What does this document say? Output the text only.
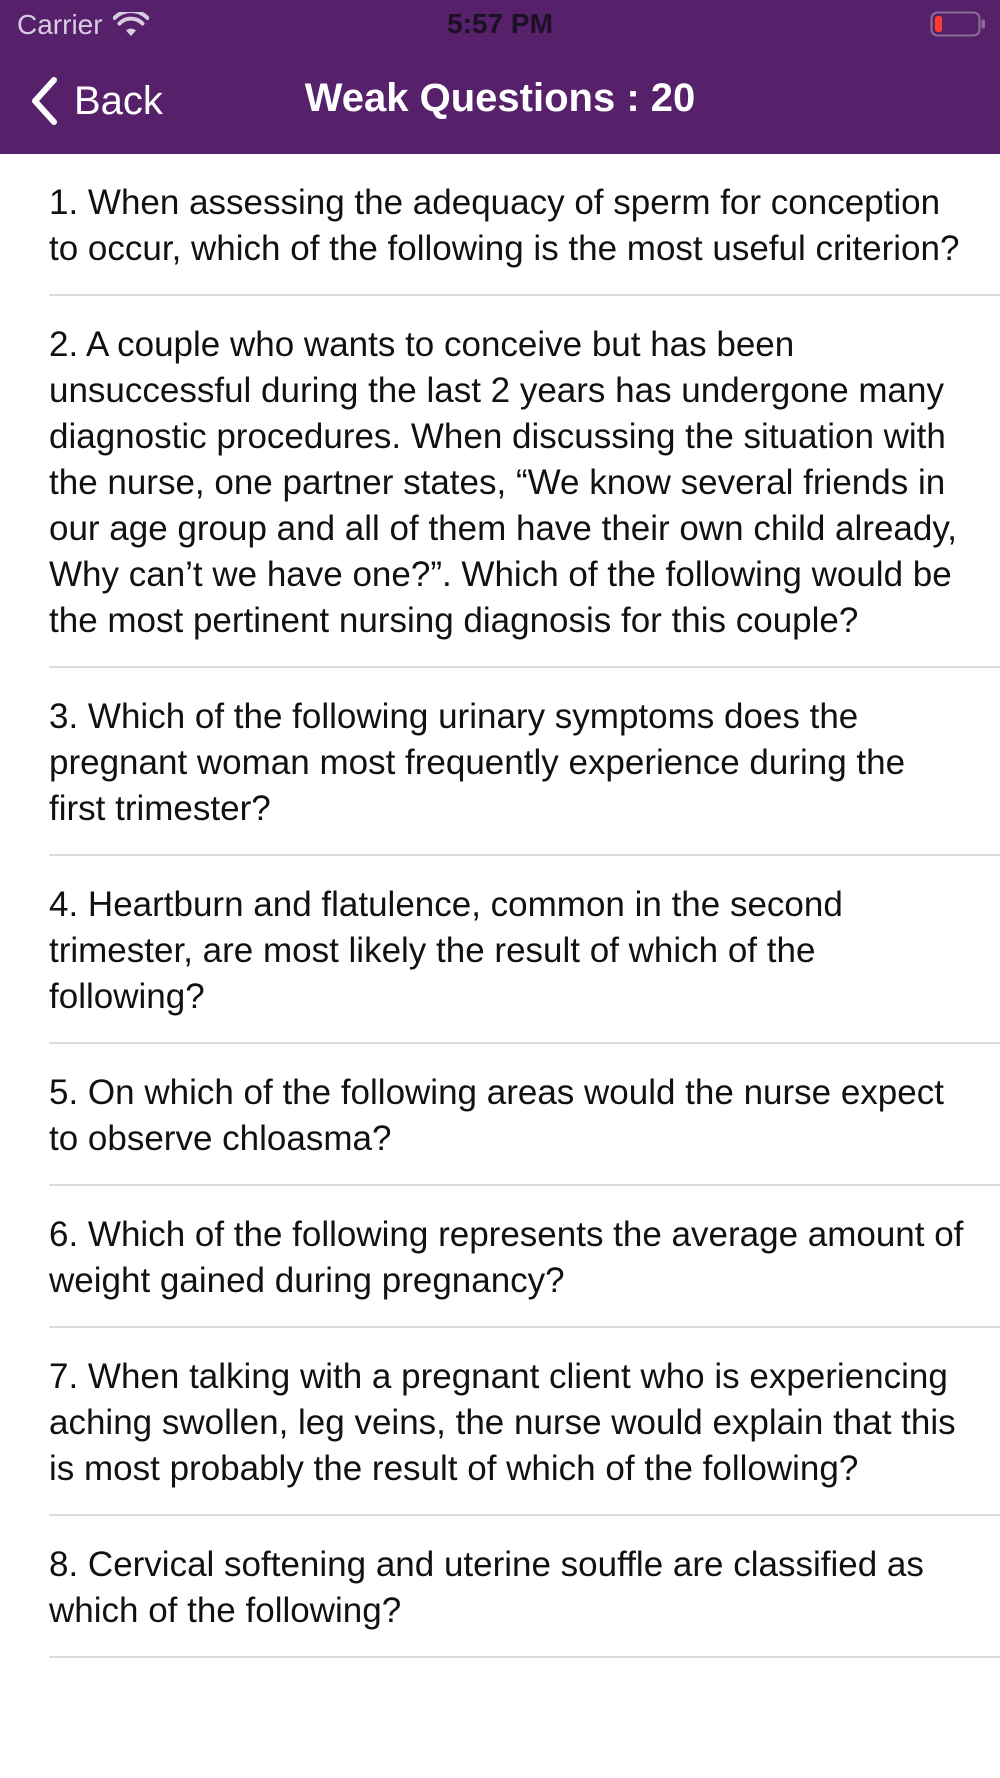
Carrier	5:57 PM
Back	Weak Questions : 20
1. When assessing the adequacy of sperm for conception to occur, which of the following is the most useful criterion?
2. A couple who wants to conceive but has been unsuccessful during the last 2 years has undergone many diagnostic procedures. When discussing the situation with the nurse, one partner states, “We know several friends in our age group and all of them have their own child already, Why can’t we have one?”. Which of the following would be the most pertinent nursing diagnosis for this couple?
3. Which of the following urinary symptoms does the pregnant woman most frequently experience during the first trimester?
4. Heartburn and flatulence, common in the second trimester, are most likely the result of which of the following?
5. On which of the following areas would the nurse expect to observe chloasma?
6. Which of the following represents the average amount of weight gained during pregnancy?
7. When talking with a pregnant client who is experiencing aching swollen, leg veins, the nurse would explain that this is most probably the result of which of the following?
8. Cervical softening and uterine souffle are classified as which of the following?
